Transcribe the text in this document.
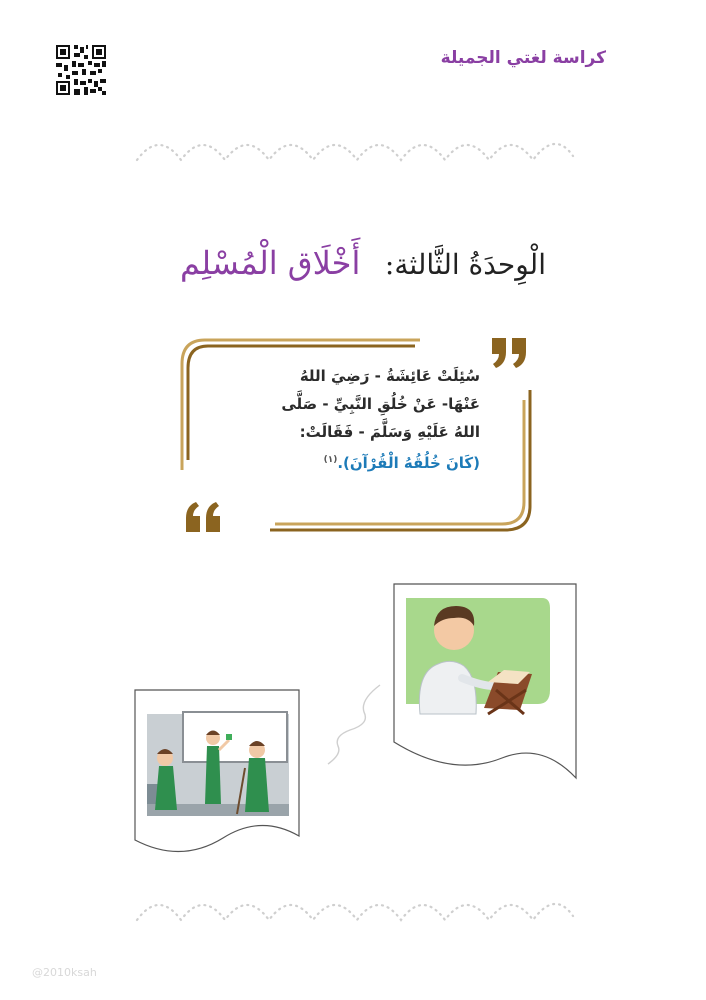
كراسة لغتي الجميلة
الْوِحدَةُ الثَّالثة:
أَخْلَاق الْمُسْلِم
سُئِلَتْ عَائِشَةُ - رَضِيَ اللهُ
عَنْهَا- عَنْ خُلُقِ النَّبِيِّ - صَلَّى
اللهُ عَلَيْهِ وَسَلَّمَ - فَقَالَتْ:
(كَانَ خُلُقُهُ الْقُرْآنَ).$^{(١)}$
@2010ksah
